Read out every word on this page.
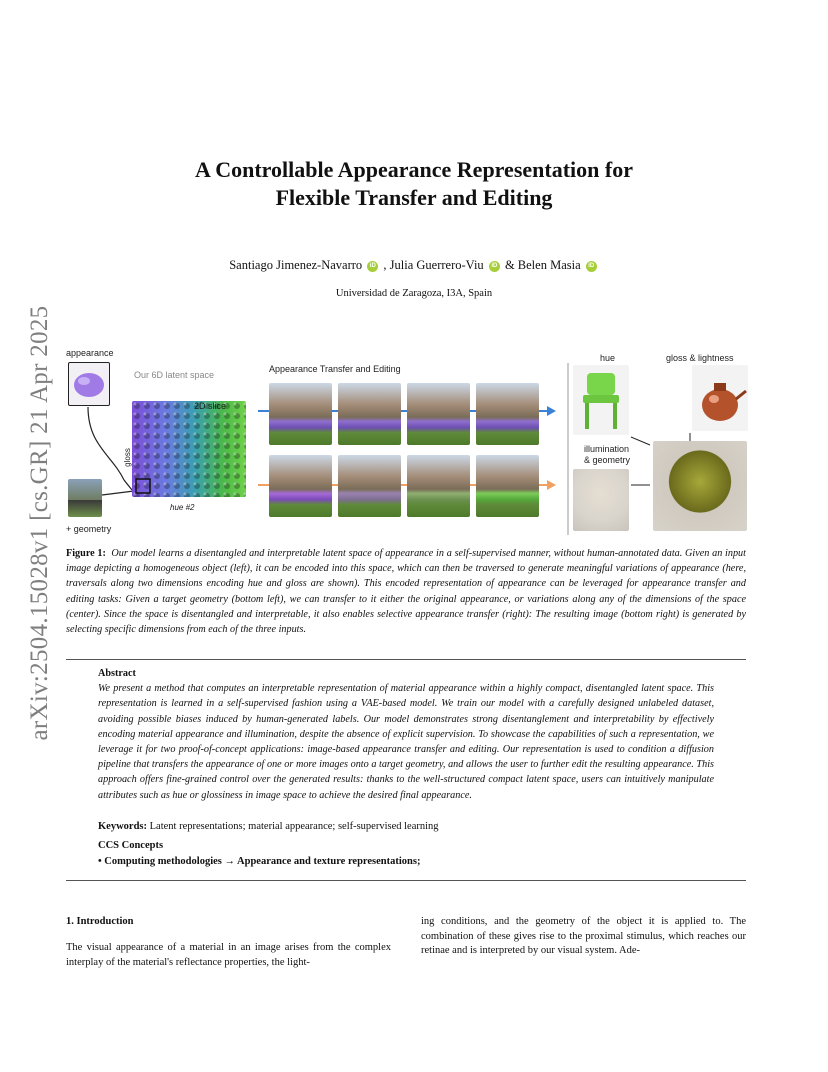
arXiv:2504.15028v1 [cs.GR] 21 Apr 2025
A Controllable Appearance Representation for
Flexible Transfer and Editing
Santiago Jimenez-Navarro iD , Julia Guerrero-Viu iD & Belen Masia iD
Universidad de Zaragoza, I3A, Spain
appearance
Our 6D latent space
2D slice
gloss
hue #2
+ geometry
Appearance Transfer and Editing
hue	gloss & lightness
illumination
& geometry
Figure 1: Our model learns a disentangled and interpretable latent space of appearance in a self-supervised manner, without human-annotated data. Given an input image depicting a homogeneous object (left), it can be encoded into this space, which can then be traversed to generate meaningful variations of appearance (here, traversals along two dimensions encoding hue and gloss are shown). This encoded representation of appearance can be leveraged for appearance transfer and editing tasks: Given a target geometry (bottom left), we can transfer to it either the original appearance, or variations along any of the dimensions of the space (center). Since the space is disentangled and interpretable, it also enables selective appearance transfer (right): The resulting image (bottom right) is generated by selecting specific dimensions from each of the three inputs.
Abstract
We present a method that computes an interpretable representation of material appearance within a highly compact, disentangled latent space. This representation is learned in a self-supervised fashion using a VAE-based model. We train our model with a carefully designed unlabeled dataset, avoiding possible biases induced by human-generated labels. Our model demonstrates strong disentanglement and interpretability by effectively encoding material appearance and illumination, despite the absence of explicit supervision. To showcase the capabilities of such a representation, we leverage it for two proof-of-concept applications: image-based appearance transfer and editing. Our representation is used to condition a diffusion pipeline that transfers the appearance of one or more images onto a target geometry, and allows the user to further edit the resulting appearance. This approach offers fine-grained control over the generated results: thanks to the well-structured compact latent space, users can intuitively manipulate attributes such as hue or glossiness in image space to achieve the desired final appearance.
Keywords: Latent representations; material appearance; self-supervised learning
CCS Concepts
• Computing methodologies → Appearance and texture representations;
1. Introduction
The visual appearance of a material in an image arises from the complex interplay of the material's reflectance properties, the light-
ing conditions, and the geometry of the object it is applied to. The combination of these gives rise to the proximal stimulus, which reaches our retinae and is interpreted by our visual system. Ade-
